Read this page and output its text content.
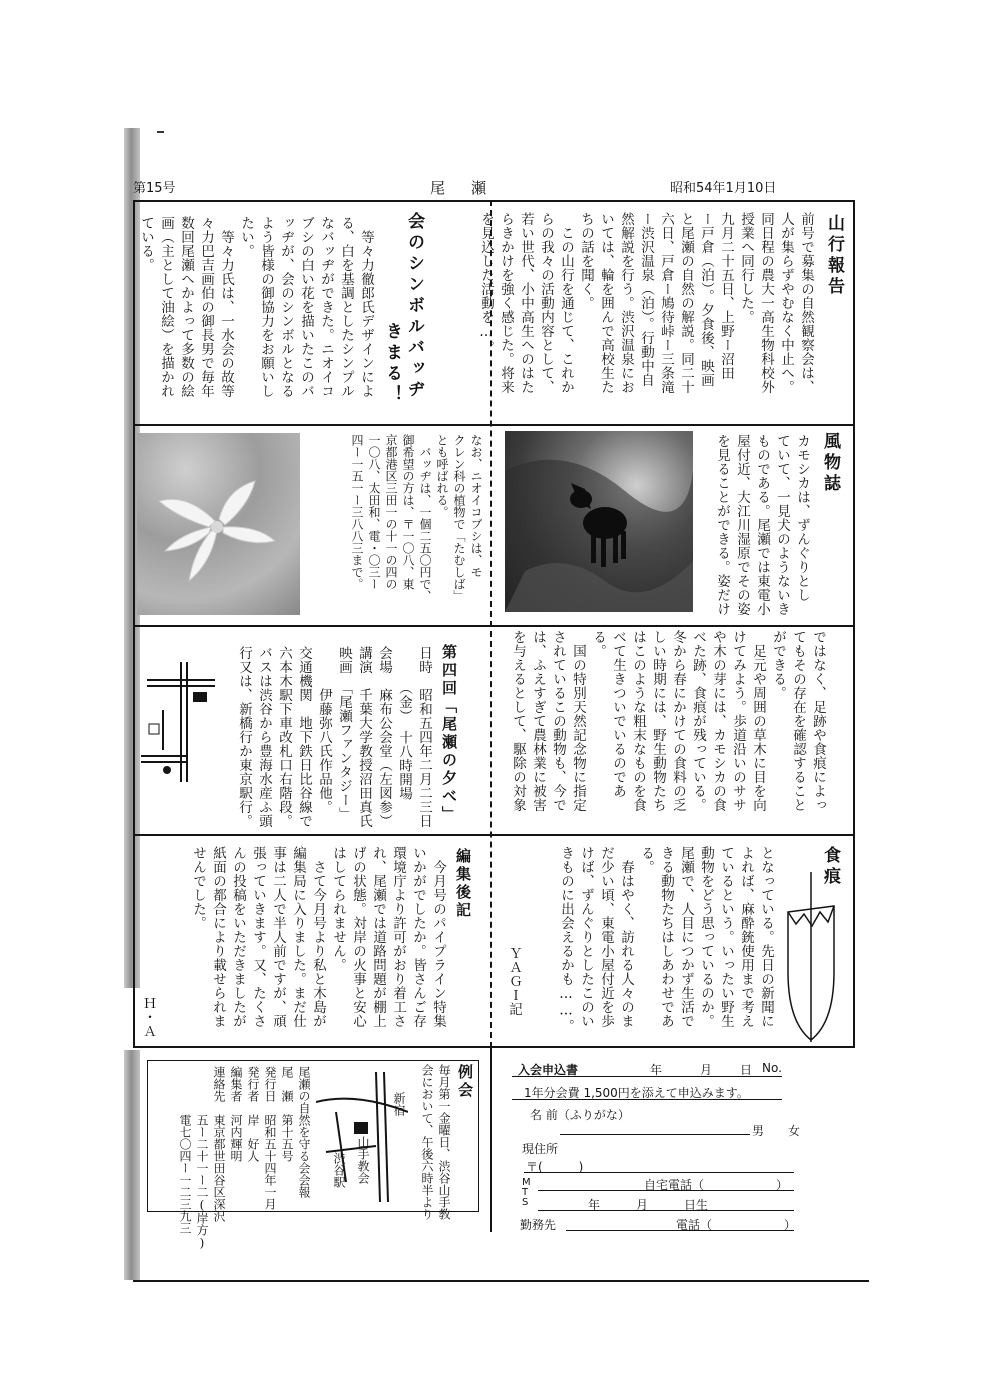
第15号	尾瀬	昭和54年1月10日
山行報告
前号で募集の自然観察会は、
人が集らずやむなく中止へ。
同日程の農大一高生物科校外
授業へ同行した。
九月二十五日、上野ー沼田
ー戸倉（泊）。夕食後、映画
と尾瀬の自然の解説。同二十
六日、戸倉ー鳩待峠ー三条滝
ー渋沢温泉（泊）。行動中自
然解説を行う。渋沢温泉にお
いては、輪を囲んで高校生た
ちの話を聞く。
　この山行を通じて、これか
らの我々の活動内容として、
若い世代、小中高生へのはた
らきかけを強く感じた。将来
を見込した活動を…。
会のシンボルバッヂ
きまる！
　等々力徹郎氏デザインによ
る、白を基調としたシンプル
なバッヂができた。ニオイコ
ブシの白い花を描いたこのバ
ッヂが、会のシンボルとなる
よう皆様の御協力をお願いし
たい。
　等々力氏は、一水会の故等
々力巴吉画伯の御長男で毎年
数回尾瀬へかよって多数の絵
画（主として油絵）を描かれ
ている。
風物誌
カモシカは、ずんぐりとし
ていて、一見犬のようないき
ものである。尾瀬では東電小
屋付近、大江川湿原でその姿
を見ることができる。姿だけ
なお、ニオイコブシは、モ
クレン科の植物で「たむしば」
とも呼ばれる。
　バッヂは、一個二五〇円で、
御希望の方は、〒一〇八、東
京都港区三田一の十一の四の
一〇八、太田和、電・〇三ー
四ー一五一ー三八八三まで。
ではなく、足跡や食痕によっ
てもその存在を確認すること
ができる。
　足元や周囲の草木に目を向
けてみよう。歩道沿いのササ
や木の芽には、カモシカの食
べた跡、食痕が残っている。
冬から春にかけての食料の乏
しい時期には、野生動物たち
はこのような粗末なものを食
べて生きついでいるのであ
る。
　国の特別天然記念物に指定
されているこの動物も、今で
は、ふえすぎて農林業に被害
を与えるとして、駆除の対象
第四回「尾瀬の夕べ」
日時　昭和五四年二月二三日
　　　（金）　十八時開場
会場　麻布公会堂（左図参）
講演　千葉大学教授沼田真氏
映画　「尾瀬ファンタジー」
　　　伊藤弥八氏作品他。
交通機関　地下鉄日比谷線で
六本木駅下車改札口右階段。
バスは渋谷から豊海水産ふ頭
行又は、新橋行か東京駅行。
食痕
となっている。先日の新聞に
よれば、麻酔銃使用まで考え
ているという。いったい野生
動物をどう思っているのか。
尾瀬で、人目につかず生活で
きる動物たちはしあわせであ
る。
　春はやく、訪れる人々のま
だ少い頃、東電小屋付近を歩
けば、ずんぐりとしたこのい
きものに出会えるかも……。
ＹＡＧＩ記
編集後記
　今月号のパイプライン特集
いかがでしたか。皆さんご存
環境庁より許可がおり着工さ
れ、尾瀬では道路問題が棚上
げの状態。対岸の火事と安心
はしてられません。
　さて今月号より私と木島が
編集局に入りました。まだ仕
事は二人で半人前ですが、頑
張っていきます。又、たくさ
んの投稿をいただきましたが
紙面の都合により載せられま
せんでした。
Ｈ・Ａ
例会
毎月第一金曜日、渋谷山手教
会において、午後六時半より
新宿
山手教会
渋谷駅
尾瀬の自然を守る会会報
尾　瀬　第十五号
発行日　昭和五十四年一月
発行者　岸　好人
編集者　河内輝明
連絡先　東京都世田谷区深沢
　　　　五ー二十一ー二(岸方)
　　　　電七〇四ー一二三九三
入会申込書	年	月 日 No.
1年分会費 1,500円を添えて申込みます。
名 前（ふりがな）
男　　女
現住所
〒(　　　)
自宅電話（　　　　　　）
M
T
S	年　　　月　　　日生
勤務先	電話（　　　　　　）
